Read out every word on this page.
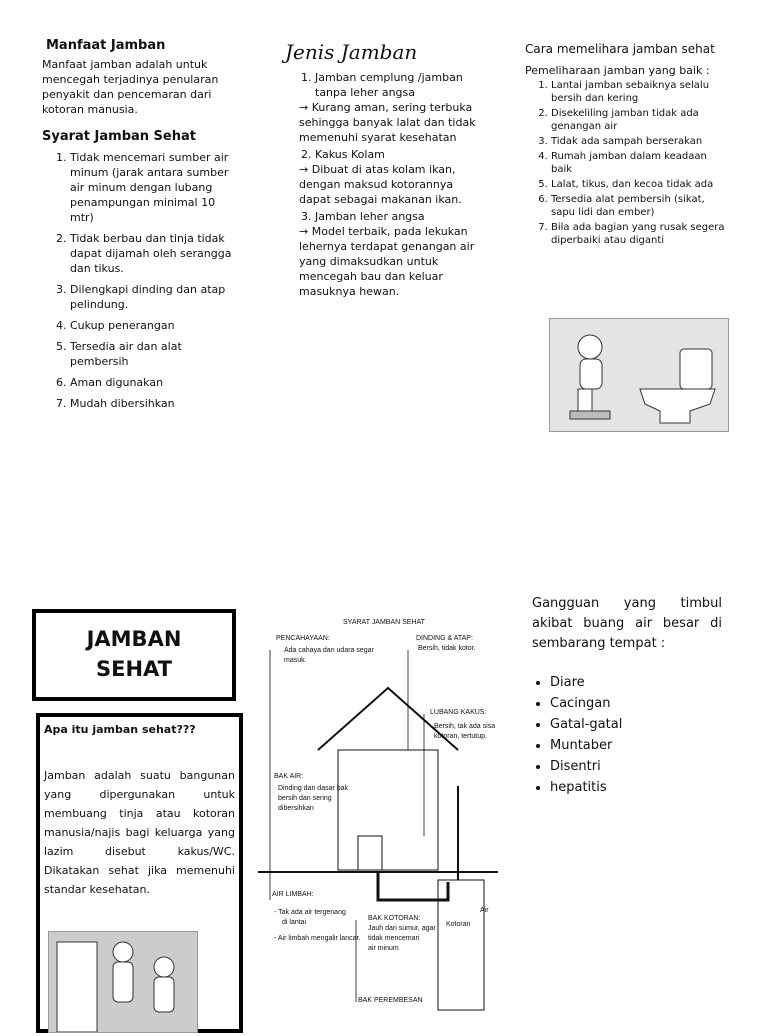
Manfaat Jamban
Manfaat jamban adalah untuk mencegah terjadinya penularan penyakit dan pencemaran dari kotoran manusia.
Syarat Jamban Sehat
1. Tidak mencemari sumber air minum (jarak antara sumber air minum dengan lubang penampungan minimal 10 mtr)
2. Tidak berbau dan tinja tidak dapat dijamah oleh serangga dan tikus.
3. Dilengkapi dinding dan atap pelindung.
4. Cukup penerangan
5. Tersedia air dan alat pembersih
6. Aman digunakan
7. Mudah dibersihkan
Jenis Jamban
1. Jamban cemplung /jamban tanpa leher angsa
→ Kurang aman, sering terbuka sehingga banyak lalat dan tidak memenuhi syarat kesehatan
2. Kakus Kolam
→ Dibuat di atas kolam ikan, dengan maksud kotorannya dapat sebagai makanan ikan.
3. Jamban leher angsa
→ Model terbaik, pada lekukan lehernya terdapat genangan air yang dimaksudkan untuk mencegah bau dan keluar masuknya hewan.
Cara memelihara jamban sehat
Pemeliharaan jamban yang baik :
1. Lantai jamban sebaiknya selalu bersih dan kering
2. Disekeliling jamban tidak ada genangan air
3. Tidak ada sampah berserakan
4. Rumah jamban dalam keadaan baik
5. Lalat, tikus, dan kecoa tidak ada
6. Tersedia alat pembersih (sikat, sapu lidi dan ember)
7. Bila ada bagian yang rusak segera diperbaiki atau diganti
JAMBAN
SEHAT
Apa itu jamban sehat???
Jamban adalah suatu bangunan yang dipergunakan untuk membuang tinja atau kotoran manusia/najis bagi keluarga yang lazim disebut kakus/WC. Dikatakan sehat jika memenuhi standar kesehatan.
SYARAT JAMBAN SEHAT
PENCAHAYAAN:
Ada cahaya dan udara segar
masuk.
DINDING & ATAP:
Bersih, tidak kotor.
LUBANG KAKUS:
Bersih, tak ada sisa
kotoran, tertutup.
BAK AIR:
Dinding dan dasar bak
bersih dan sering
dibersihkan
AIR LIMBAH:
- Tak ada air tergenang
di lantai
- Air limbah mengalir lancar.
BAK KOTORAN:
Jauh dari sumur, agar
tidak mencemari
air minum
BAK PEREMBESAN
Air
Kotoran
Gangguan yang timbul akibat buang air besar di sembarang tempat :
• Diare
• Cacingan
• Gatal-gatal
• Muntaber
• Disentri
• hepatitis
